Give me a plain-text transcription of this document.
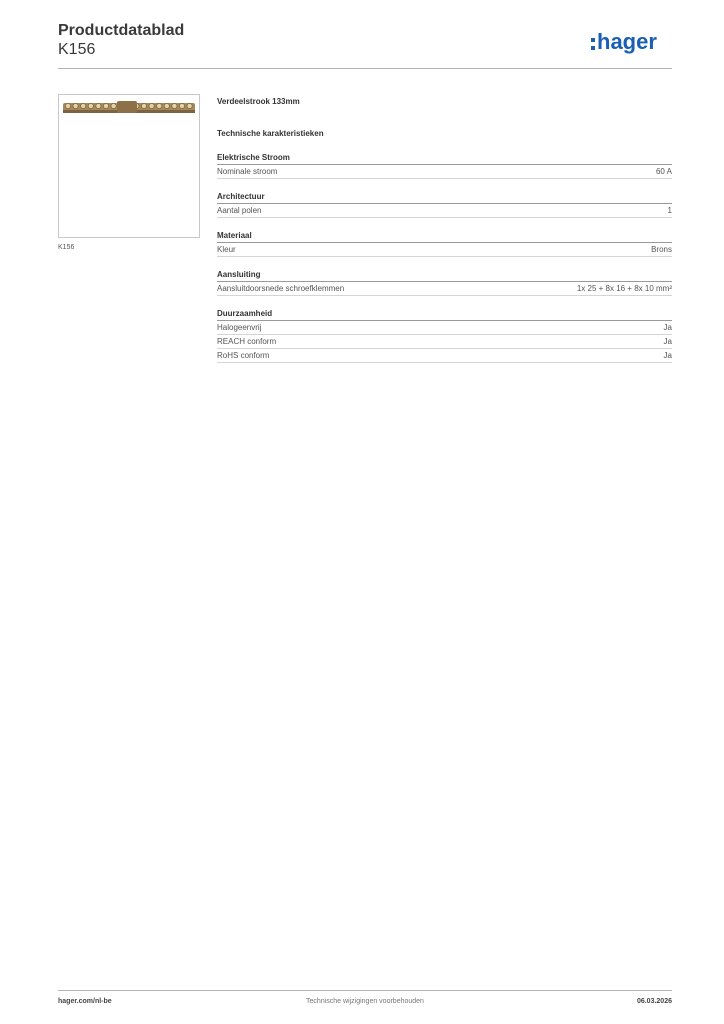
Productdatablad
K156	hager
K156
Verdeelstrook 133mm
Technische karakteristieken
Elektrische Stroom
Nominale stroom	60 A
Architectuur
Aantal polen	1
Materiaal
Kleur	Brons
Aansluiting
Aansluitdoorsnede schroefklemmen	1x 25 + 8x 16 + 8x 10 mm²
Duurzaamheid
Halogeenvrij	Ja
REACH conform	Ja
RoHS conform	Ja
hager.com/nl-be	Technische wijzigingen voorbehouden	06.03.2026
